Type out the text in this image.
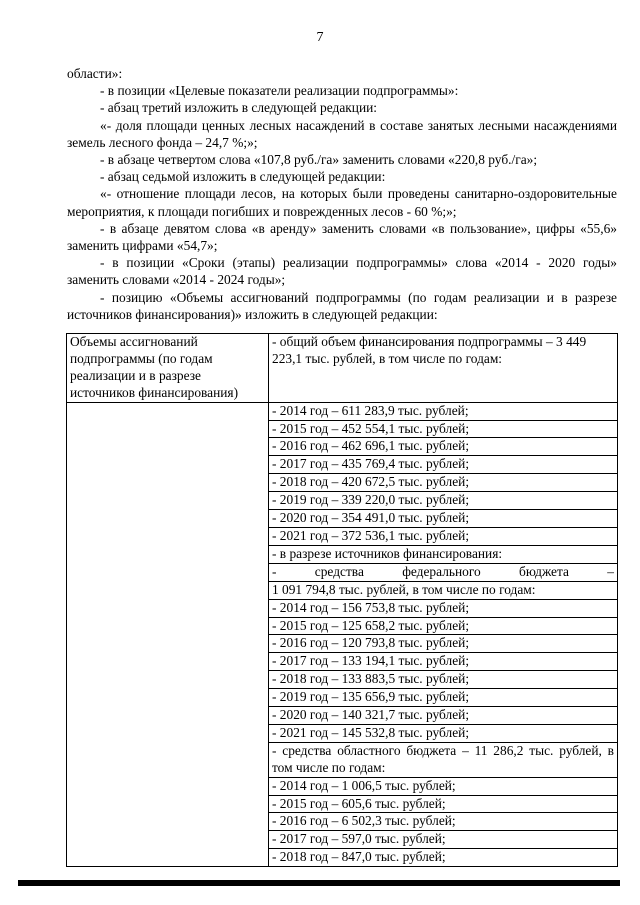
7

области»:

- в позиции «Целевые показатели реализации подпрограммы»:

- абзац третий изложить в следующей редакции:

«- доля площади ценных лесных насаждений в составе занятых лесными насаждениями земель лесного фонда – 24,7 %;»;

- в абзаце четвертом слова «107,8 руб./га» заменить словами «220,8 руб./га»;

- абзац седьмой изложить в следующей редакции:

«- отношение площади лесов, на которых были проведены санитарно-оздоровительные мероприятия, к площади погибших и поврежденных лесов - 60 %;»;

- в абзаце девятом слова «в аренду» заменить словами «в пользование», цифры «55,6» заменить цифрами «54,7»;

- в позиции «Сроки (этапы) реализации подпрограммы» слова «2014 - 2020 годы» заменить словами «2014 - 2024 годы»;

- позицию «Объемы ассигнований подпрограммы (по годам реализации и в разрезе источников финансирования)» изложить в следующей редакции:

Объемы ассигнований подпрограммы (по годам реализации и в разрезе источников финансирования)	- общий объем финансирования подпрограммы – 3 449 223,1 тыс. рублей, в том числе по годам:
	- 2014 год – 611 283,9 тыс. рублей;
	- 2015 год – 452 554,1 тыс. рублей;
	- 2016 год – 462 696,1 тыс. рублей;
	- 2017 год – 435 769,4 тыс. рублей;
	- 2018 год – 420 672,5 тыс. рублей;
	- 2019 год – 339 220,0 тыс. рублей;
	- 2020 год – 354 491,0 тыс. рублей;
	- 2021 год – 372 536,1 тыс. рублей;
	- в разрезе источников финансирования:
	- средства федерального бюджета –
	1 091 794,8 тыс. рублей, в том числе по годам:
	- 2014 год – 156 753,8 тыс. рублей;
	- 2015 год – 125 658,2 тыс. рублей;
	- 2016 год – 120 793,8 тыс. рублей;
	- 2017 год – 133 194,1 тыс. рублей;
	- 2018 год – 133 883,5 тыс. рублей;
	- 2019 год – 135 656,9 тыс. рублей;
	- 2020 год – 140 321,7 тыс. рублей;
	- 2021 год – 145 532,8 тыс. рублей;
	- средства областного бюджета – 11 286,2 тыс. рублей, в том числе по годам:
	- 2014 год – 1 006,5 тыс. рублей;
	- 2015 год – 605,6 тыс. рублей;
	- 2016 год – 6 502,3 тыс. рублей;
	- 2017 год – 597,0 тыс. рублей;
	- 2018 год – 847,0 тыс. рублей;
